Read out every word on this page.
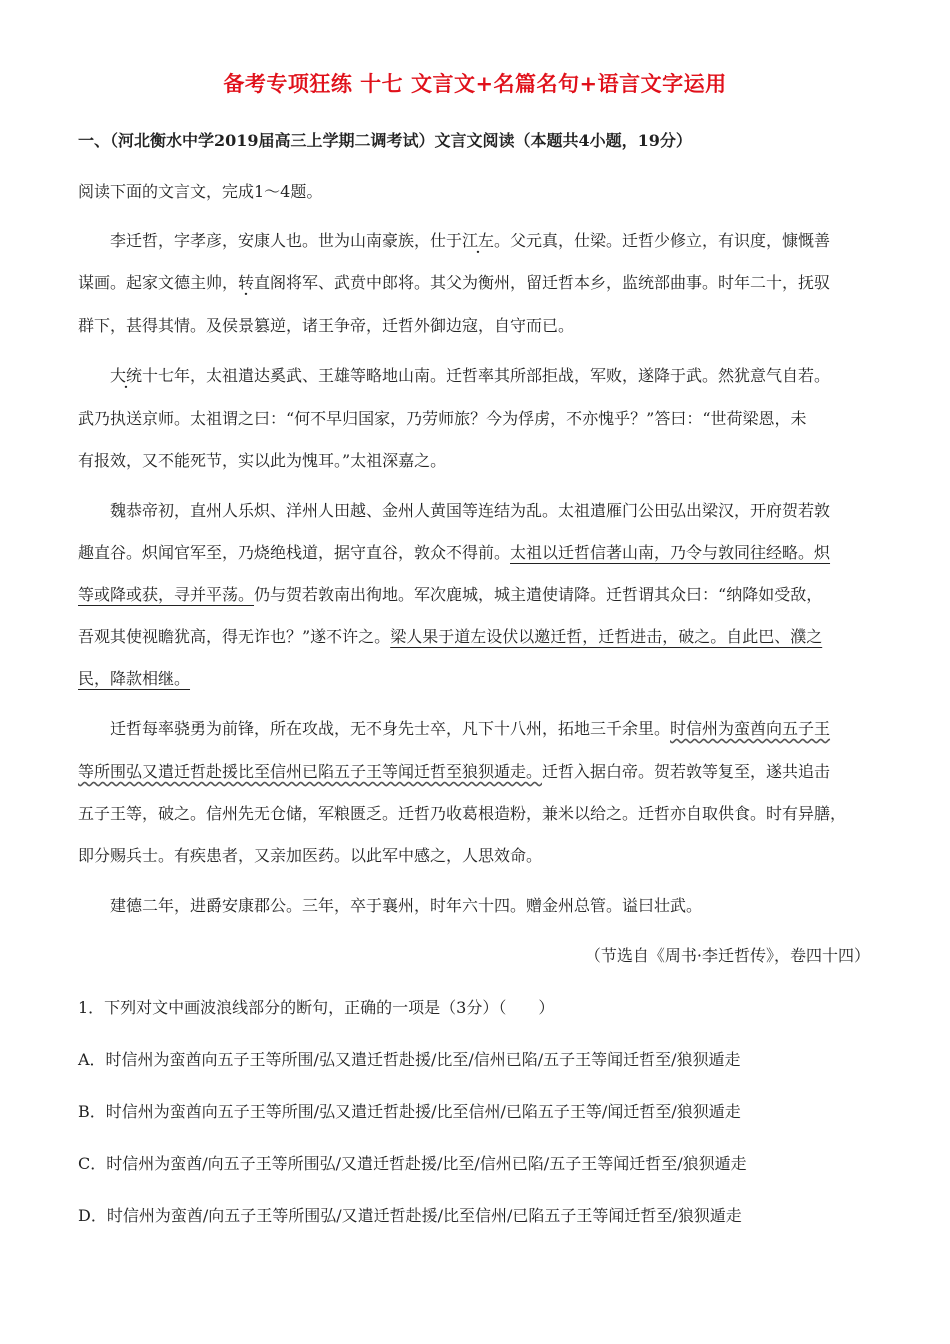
备考专项狂练 十七 文言文+名篇名句+语言文字运用
一、（河北衡水中学2019届高三上学期二调考试）文言文阅读（本题共4小题，19分）
阅读下面的文言文，完成1～4题。
李迁哲，字孝彦，安康人也。世为山南豪族，仕于江左。父元真，仕梁。迁哲少修立，有识度，慷慨善
谋画。起家文德主帅，转直阁将军、武贲中郎将。其父为衡州，留迁哲本乡，监统部曲事。时年二十，抚驭
群下，甚得其情。及侯景篡逆，诸王争帝，迁哲外御边寇，自守而已。
大统十七年，太祖遣达奚武、王雄等略地山南。迁哲率其所部拒战，军败，遂降于武。然犹意气自若。
武乃执送京师。太祖谓之曰：“何不早归国家，乃劳师旅？今为俘虏，不亦愧乎？”答曰：“世荷梁恩，未
有报效，又不能死节，实以此为愧耳。”太祖深嘉之。
魏恭帝初，直州人乐炽、洋州人田越、金州人黄国等连结为乱。太祖遣雁门公田弘出梁汉，开府贺若敦
趣直谷。炽闻官军至，乃烧绝栈道，据守直谷，敦众不得前。太祖以迁哲信著山南，乃令与敦同往经略。炽
等或降或获，寻并平荡。仍与贺若敦南出徇地。军次鹿城，城主遣使请降。迁哲谓其众曰：“纳降如受敌，
吾观其使视瞻犹高，得无诈也？”遂不许之。梁人果于道左设伏以邀迁哲，迁哲进击，破之。自此巴、濮之
民，降款相继。
迁哲每率骁勇为前锋，所在攻战，无不身先士卒，凡下十八州，拓地三千余里。时信州为蛮酋向五子王
等所围弘又遣迁哲赴援比至信州已陷五子王等闻迁哲至狼狈遁走。迁哲入据白帝。贺若敦等复至，遂共追击
五子王等，破之。信州先无仓储，军粮匮乏。迁哲乃收葛根造粉，兼米以给之。迁哲亦自取供食。时有异膳，
即分赐兵士。有疾患者，又亲加医药。以此军中感之，人思效命。
建德二年，进爵安康郡公。三年，卒于襄州，时年六十四。赠金州总管。谥曰壮武。
（节选自《周书·李迁哲传》，卷四十四）
1．下列对文中画波浪线部分的断句，正确的一项是（3分）（　　）
A．时信州为蛮酋向五子王等所围/弘又遣迁哲赴援/比至/信州已陷/五子王等闻迁哲至/狼狈遁走
B．时信州为蛮酋向五子王等所围/弘又遣迁哲赴援/比至信州/已陷五子王等/闻迁哲至/狼狈遁走
C．时信州为蛮酋/向五子王等所围弘/又遣迁哲赴援/比至/信州已陷/五子王等闻迁哲至/狼狈遁走
D．时信州为蛮酋/向五子王等所围弘/又遣迁哲赴援/比至信州/已陷五子王等闻迁哲至/狼狈遁走
